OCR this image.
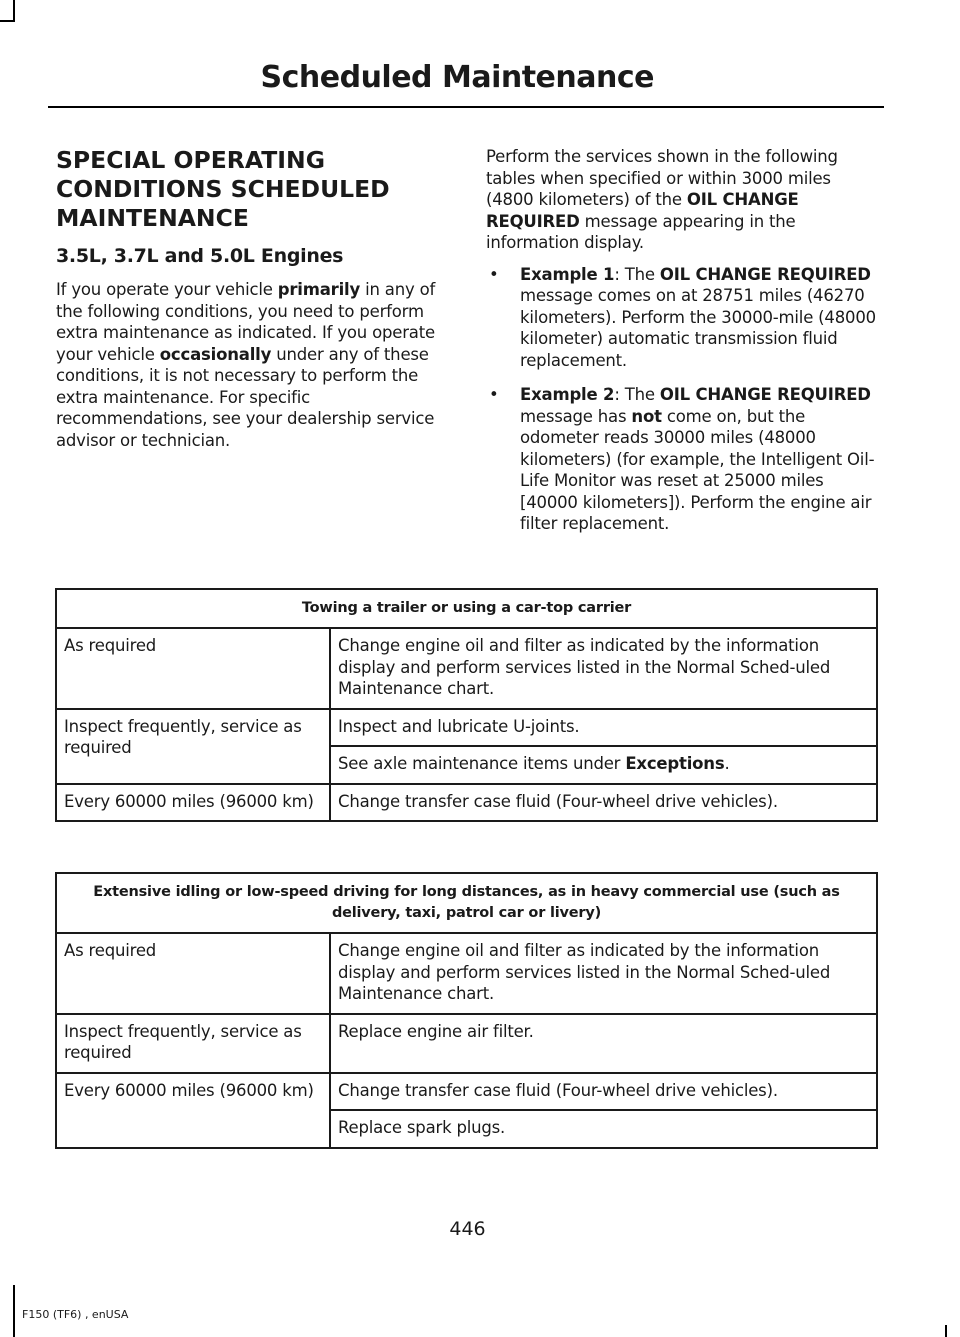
Scheduled Maintenance
SPECIAL OPERATING CONDITIONS SCHEDULED MAINTENANCE
3.5L, 3.7L and 5.0L Engines

If you operate your vehicle primarily in any of the following conditions, you need to perform extra maintenance as indicated. If you operate your vehicle occasionally under any of these conditions, it is not necessary to perform the extra maintenance. For specific recommendations, see your dealership service advisor or technician.

Perform the services shown in the following tables when specified or within 3000 miles (4800 kilometers) of the OIL CHANGE REQUIRED message appearing in the information display.

• Example 1: The OIL CHANGE REQUIRED message comes on at 28751 miles (46270 kilometers). Perform the 30000-mile (48000 kilometer) automatic transmission fluid replacement.
• Example 2: The OIL CHANGE REQUIRED message has not come on, but the odometer reads 30000 miles (48000 kilometers) (for example, the Intelligent Oil-Life Monitor was reset at 25000 miles [40000 kilometers]). Perform the engine air filter replacement.
Towing a trailer or using a car-top carrier	
As required	Change engine oil and filter as indicated by the information display and perform services listed in the Normal Sched-uled Maintenance chart.
Inspect frequently, service as required	Inspect and lubricate U-joints.
	See axle maintenance items under Exceptions.
Every 60000 miles (96000 km)	Change transfer case fluid (Four-wheel drive vehicles).
Extensive idling or low-speed driving for long distances, as in heavy commercial use (such as delivery, taxi, patrol car or livery)	
As required	Change engine oil and filter as indicated by the information display and perform services listed in the Normal Sched-uled Maintenance chart.
Inspect frequently, service as required	Replace engine air filter.
Every 60000 miles (96000 km)	Change transfer case fluid (Four-wheel drive vehicles).
	Replace spark plugs.
446
F150 (TF6) , enUSA
